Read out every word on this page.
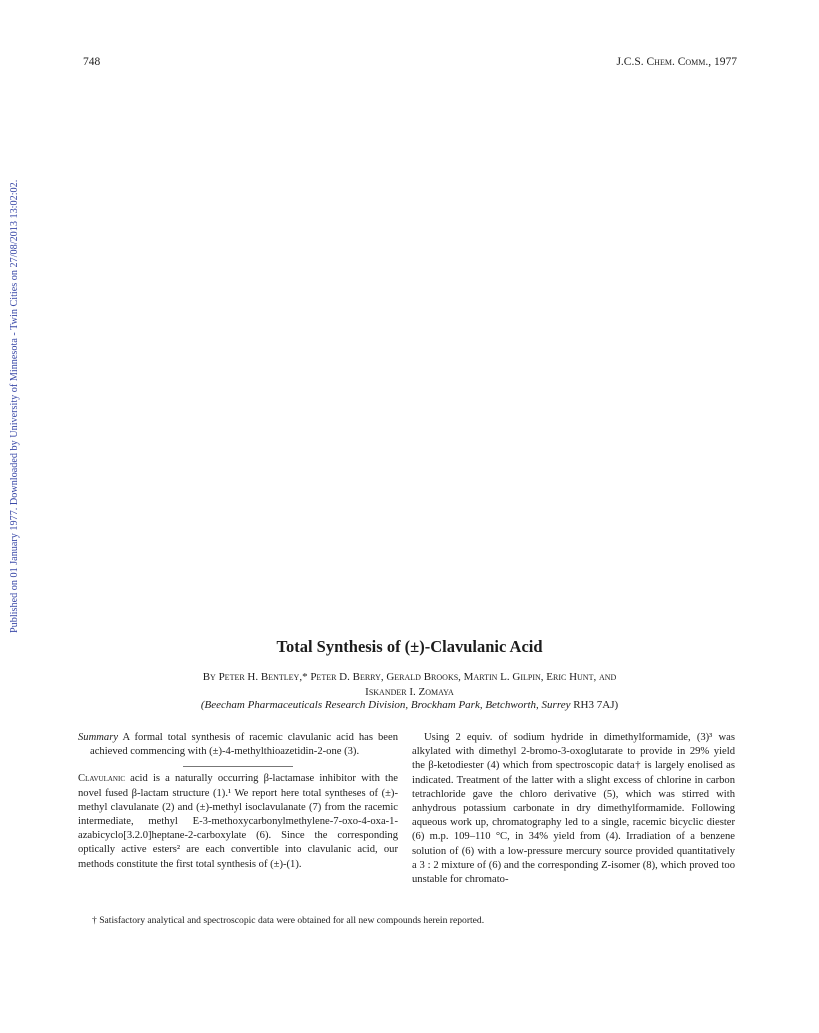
748	J.C.S. Chem. Comm., 1977
Published on 01 January 1977. Downloaded by University of Minnesota - Twin Cities on 27/08/2013 13:02:02.
Total Synthesis of (±)-Clavulanic Acid
By Peter H. Bentley,* Peter D. Berry, Gerald Brooks, Martin L. Gilpin, Eric Hunt, and
Iskander I. Zomaya
(Beecham Pharmaceuticals Research Division, Brockham Park, Betchworth, Surrey RH3 7AJ)

Summary A formal total synthesis of racemic clavulanic acid has been achieved commencing with (±)-4-methylthioazetidin-2-one (3).

Clavulanic acid is a naturally occurring β-lactamase inhibitor with the novel fused β-lactam structure (1).¹ We report here total syntheses of (±)-methyl clavulanate (2) and (±)-methyl isoclavulanate (7) from the racemic intermediate, methyl E-3-methoxycarbonylmethylene-7-oxo-4-oxa-1-azabicyclo[3.2.0]heptane-2-carboxylate (6). Since the corresponding optically active esters² are each convertible into clavulanic acid, our methods constitute the first total synthesis of (±)-(1).

Using 2 equiv. of sodium hydride in dimethylformamide, (3)³ was alkylated with dimethyl 2-bromo-3-oxoglutarate to provide in 29% yield the β-ketodiester (4) which from spectroscopic data† is largely enolised as indicated. Treatment of the latter with a slight excess of chlorine in carbon tetrachloride gave the chloro derivative (5), which was stirred with anhydrous potassium carbonate in dry dimethylformamide. Following aqueous work up, chromatography led to a single, racemic bicyclic diester (6) m.p. 109–110 °C, in 34% yield from (4). Irradiation of a benzene solution of (6) with a low-pressure mercury source provided quantitatively a 3 : 2 mixture of (6) and the corresponding Z-isomer (8), which proved too unstable for chromato-

† Satisfactory analytical and spectroscopic data were obtained for all new compounds herein reported.
